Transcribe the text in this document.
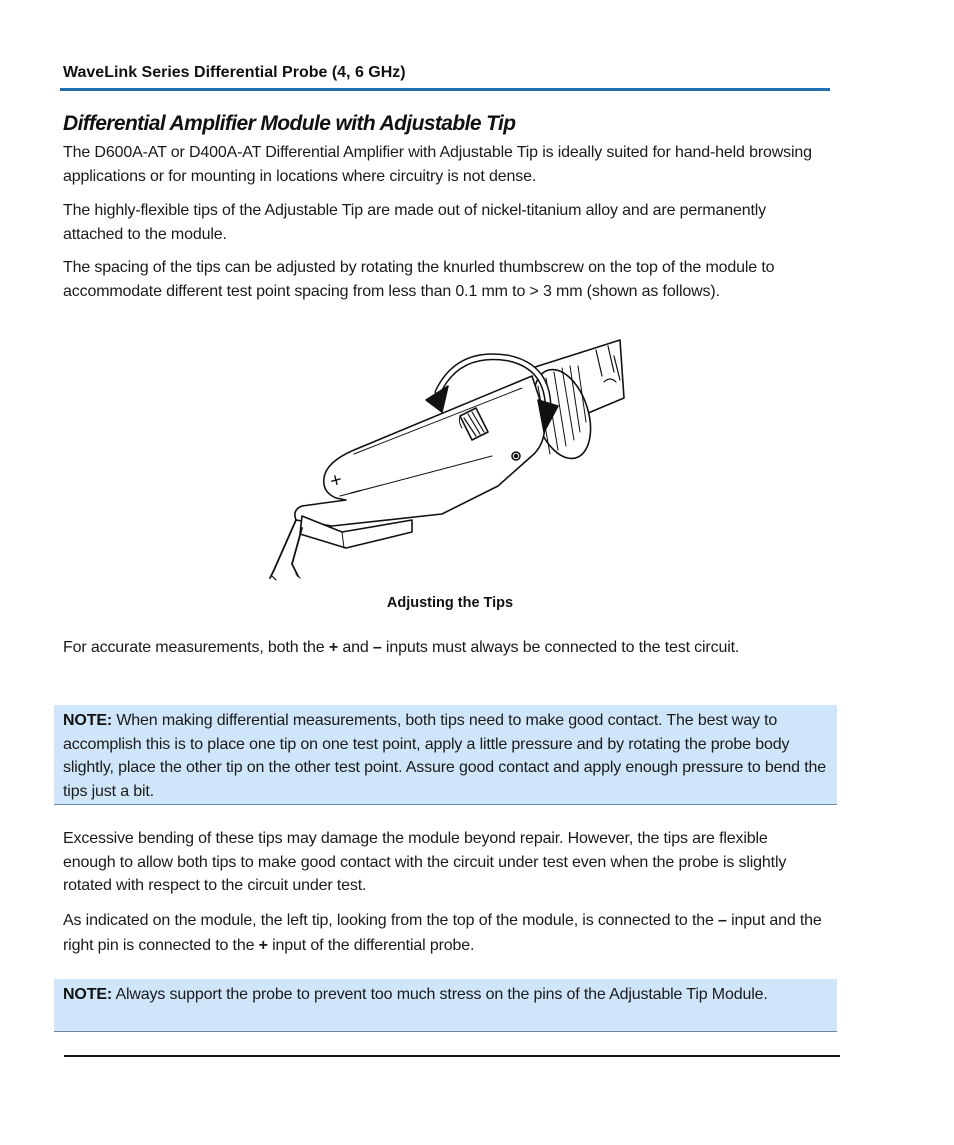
WaveLink Series Differential Probe (4, 6 GHz)
Differential Amplifier Module with Adjustable Tip
The D600A-AT or D400A-AT Differential Amplifier with Adjustable Tip is ideally suited for hand-held browsing applications or for mounting in locations where circuitry is not dense.
The highly-flexible tips of the Adjustable Tip are made out of nickel-titanium alloy and are permanently attached to the module.
The spacing of the tips can be adjusted by rotating the knurled thumbscrew on the top of the module to accommodate different test point spacing from less than 0.1 mm to > 3 mm (shown as follows).
+ –
Adjusting the Tips
For accurate measurements, both the + and – inputs must always be connected to the test circuit.
NOTE: When making differential measurements, both tips need to make good contact. The best way to accomplish this is to place one tip on one test point, apply a little pressure and by rotating the probe body slightly, place the other tip on the other test point. Assure good contact and apply enough pressure to bend the tips just a bit.
Excessive bending of these tips may damage the module beyond repair. However, the tips are flexible enough to allow both tips to make good contact with the circuit under test even when the probe is slightly rotated with respect to the circuit under test.
As indicated on the module, the left tip, looking from the top of the module, is connected to the – input and the right pin is connected to the + input of the differential probe.
NOTE: Always support the probe to prevent too much stress on the pins of the Adjustable Tip Module.
